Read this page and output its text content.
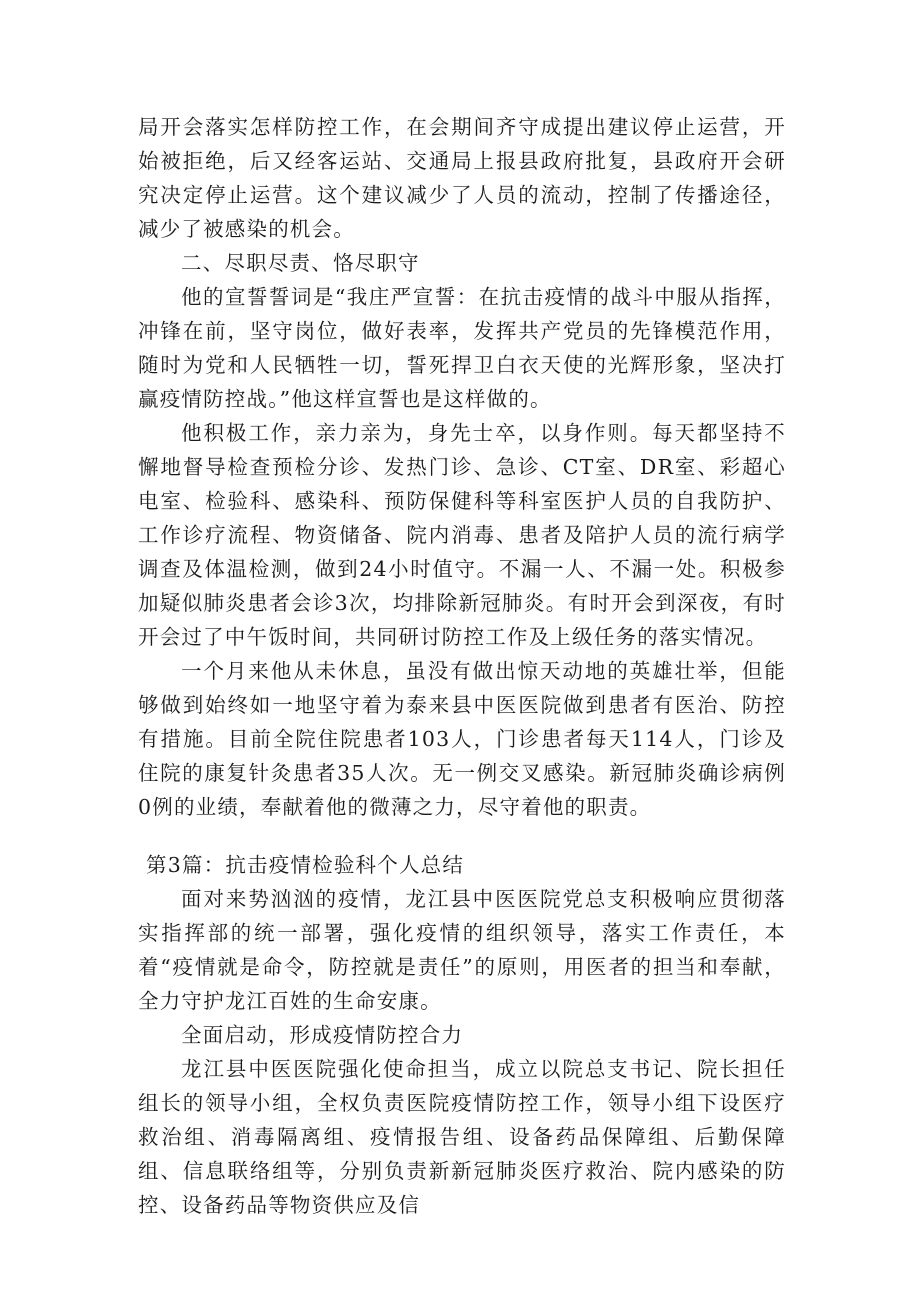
局开会落实怎样防控工作，在会期间齐守成提出建议停止运营，开始被拒绝，后又经客运站、交通局上报县政府批复，县政府开会研究决定停止运营。这个建议减少了人员的流动，控制了传播途径，减少了被感染的机会。

二、尽职尽责、恪尽职守

他的宣誓誓词是“我庄严宣誓：在抗击疫情的战斗中服从指挥，冲锋在前，坚守岗位，做好表率，发挥共产党员的先锋模范作用，随时为党和人民牺牲一切，誓死捍卫白衣天使的光辉形象，坚决打赢疫情防控战。”他这样宣誓也是这样做的。

他积极工作，亲力亲为，身先士卒，以身作则。每天都坚持不懈地督导检查预检分诊、发热门诊、急诊、CT室、DR室、彩超心电室、检验科、感染科、预防保健科等科室医护人员的自我防护、工作诊疗流程、物资储备、院内消毒、患者及陪护人员的流行病学调查及体温检测，做到24小时值守。不漏一人、不漏一处。积极参加疑似肺炎患者会诊3次，均排除新冠肺炎。有时开会到深夜，有时开会过了中午饭时间，共同研讨防控工作及上级任务的落实情况。

一个月来他从未休息，虽没有做出惊天动地的英雄壮举，但能够做到始终如一地坚守着为泰来县中医医院做到患者有医治、防控有措施。目前全院住院患者103人，门诊患者每天114人，门诊及住院的康复针灸患者35人次。无一例交叉感染。新冠肺炎确诊病例0例的业绩，奉献着他的微薄之力，尽守着他的职责。

第3篇：抗击疫情检验科个人总结

面对来势汹汹的疫情，龙江县中医医院党总支积极响应贯彻落实指挥部的统一部署，强化疫情的组织领导，落实工作责任，本着“疫情就是命令，防控就是责任”的原则，用医者的担当和奉献，全力守护龙江百姓的生命安康。

全面启动，形成疫情防控合力

龙江县中医医院强化使命担当，成立以院总支书记、院长担任组长的领导小组，全权负责医院疫情防控工作，领导小组下设医疗救治组、消毒隔离组、疫情报告组、设备药品保障组、后勤保障组、信息联络组等，分别负责新新冠肺炎医疗救治、院内感染的防控、设备药品等物资供应及信
